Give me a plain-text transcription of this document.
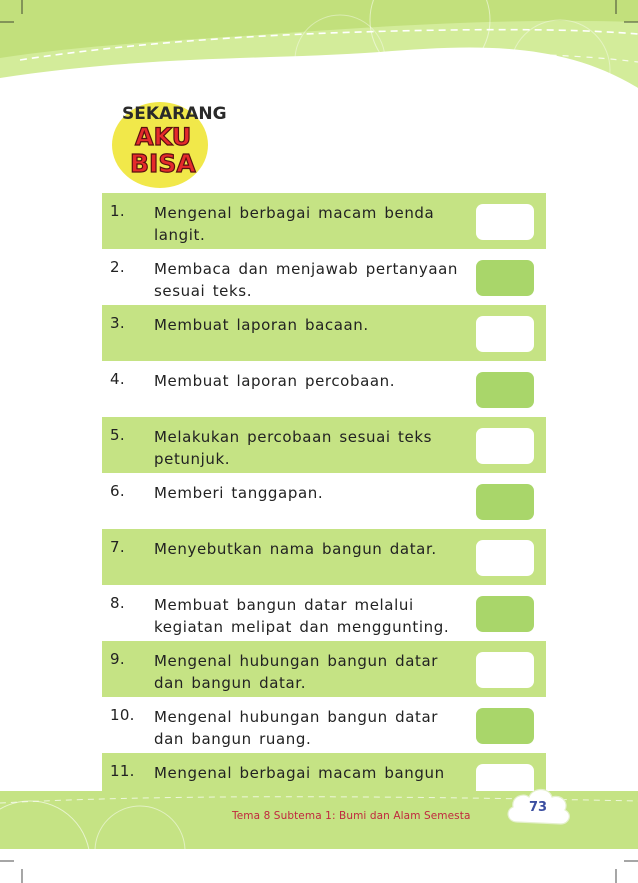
SEKARANG
AKU
BISA
1.	Mengenal berbagai macam benda langit.
2.	Membaca dan menjawab pertanyaan sesuai teks.
3.	Membuat laporan bacaan.
4.	Membuat laporan percobaan.
5.	Melakukan percobaan sesuai teks petunjuk.
6.	Memberi tanggapan.
7.	Menyebutkan nama bangun datar.
8.	Membuat bangun datar melalui kegiatan melipat dan menggunting.
9.	Mengenal hubungan bangun datar dan bangun datar.
10.	Mengenal hubungan bangun datar dan bangun ruang.
11.	Mengenal berbagai macam bangun
Tema 8 Subtema 1: Bumi dan Alam Semesta
73
